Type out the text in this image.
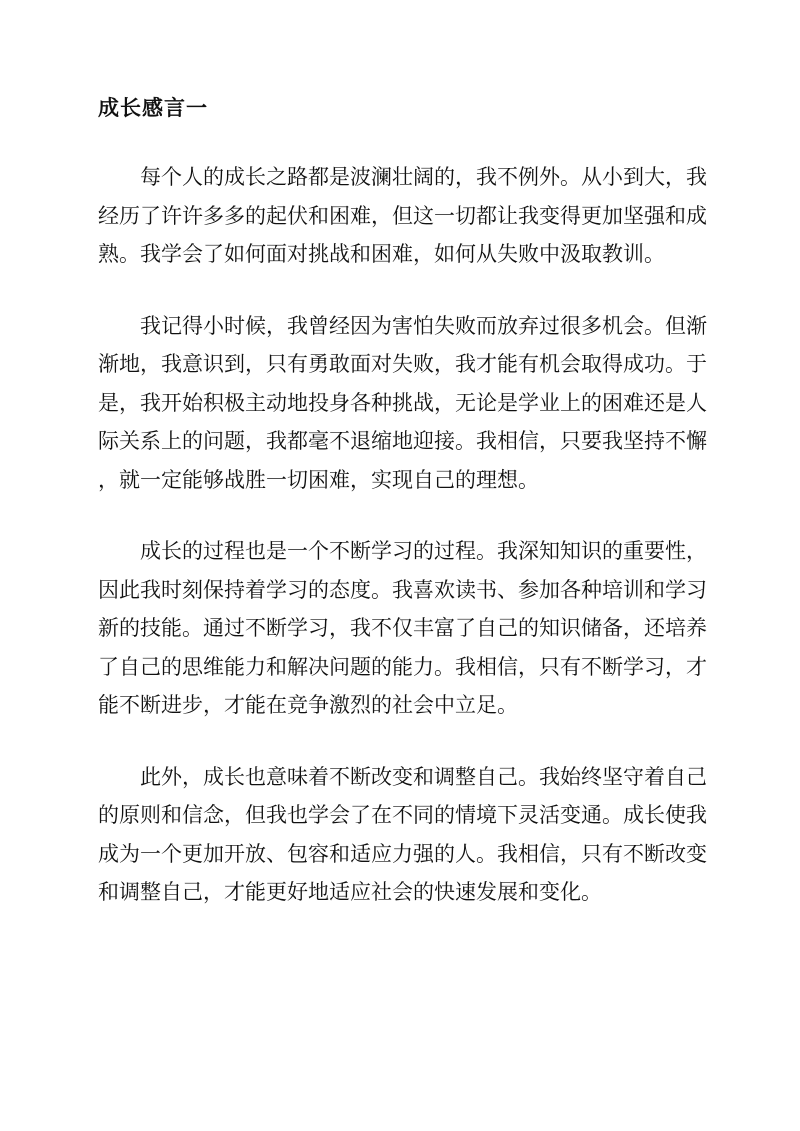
成长感言一
每个人的成长之路都是波澜壮阔的，我不例外。从小到大，我
经历了许许多多的起伏和困难，但这一切都让我变得更加坚强和成
熟。我学会了如何面对挑战和困难，如何从失败中汲取教训。
我记得小时候，我曾经因为害怕失败而放弃过很多机会。但渐
渐地，我意识到，只有勇敢面对失败，我才能有机会取得成功。于
是，我开始积极主动地投身各种挑战，无论是学业上的困难还是人
际关系上的问题，我都毫不退缩地迎接。我相信，只要我坚持不懈
，就一定能够战胜一切困难，实现自己的理想。
成长的过程也是一个不断学习的过程。我深知知识的重要性，
因此我时刻保持着学习的态度。我喜欢读书、参加各种培训和学习
新的技能。通过不断学习，我不仅丰富了自己的知识储备，还培养
了自己的思维能力和解决问题的能力。我相信，只有不断学习，才
能不断进步，才能在竞争激烈的社会中立足。
此外，成长也意味着不断改变和调整自己。我始终坚守着自己
的原则和信念，但我也学会了在不同的情境下灵活变通。成长使我
成为一个更加开放、包容和适应力强的人。我相信，只有不断改变
和调整自己，才能更好地适应社会的快速发展和变化。
